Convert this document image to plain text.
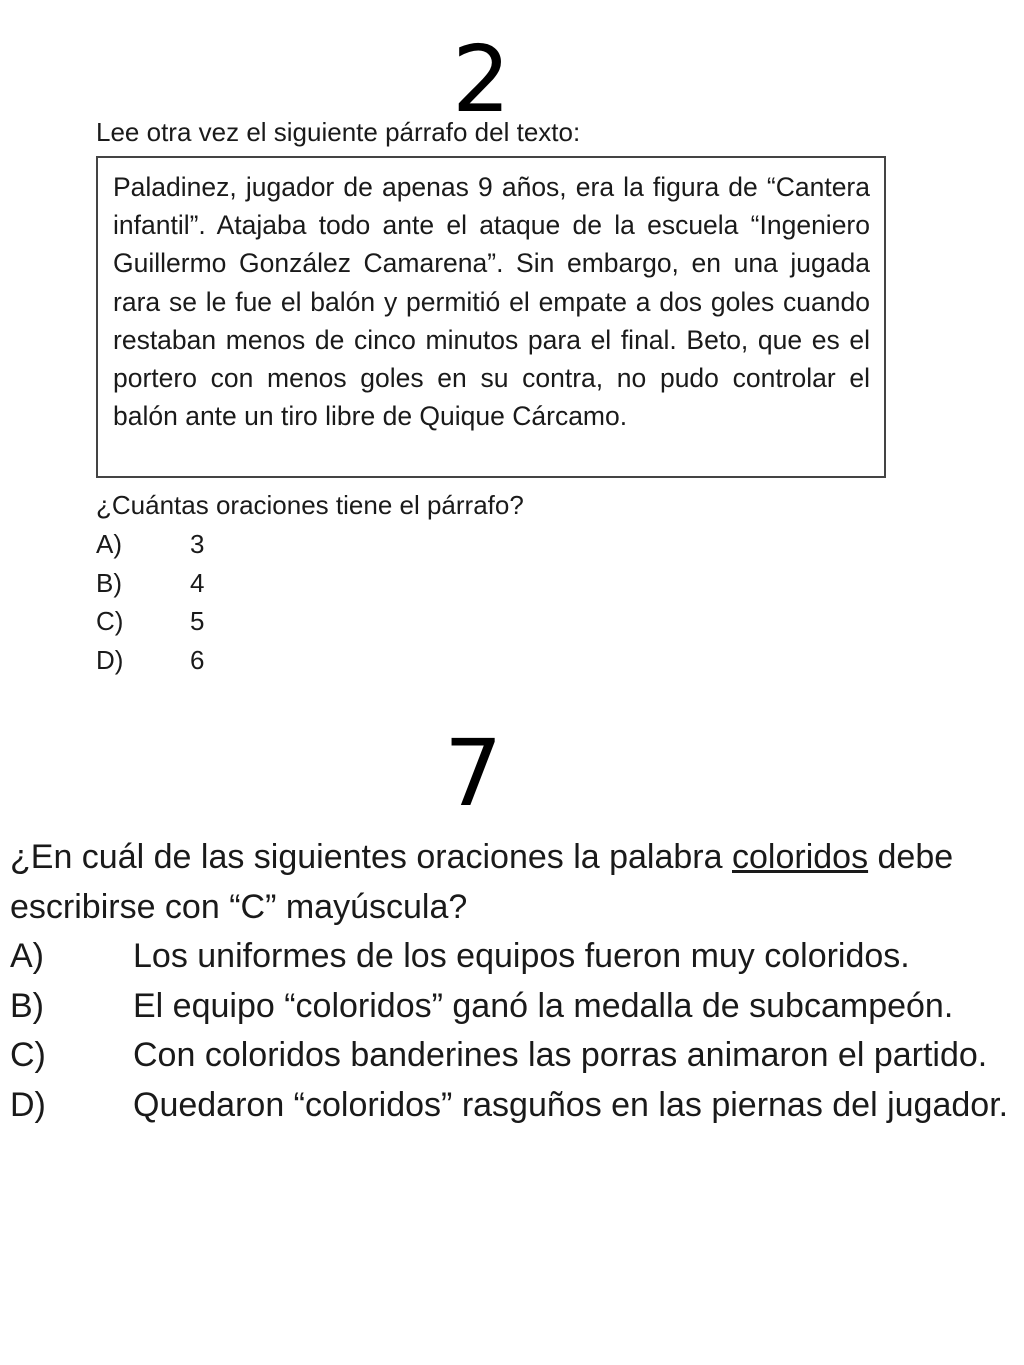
2

Lee otra vez el siguiente párrafo del texto:

Paladinez, jugador de apenas 9 años, era la figura de “Cantera infantil”. Atajaba todo ante el ataque de la escuela “Ingeniero Guillermo González Camarena”. Sin embargo, en una jugada rara se le fue el balón y permitió el empate a dos goles cuando restaban menos de cinco minutos para el final. Beto, que es el portero con menos goles en su contra, no pudo controlar el balón ante un tiro libre de Quique Cárcamo.

¿Cuántas oraciones tiene el párrafo?

A)	3
B)	4
C)	5
D)	6
7

¿En cuál de las siguientes oraciones la palabra coloridos debe escribirse con “C” mayúscula?

A)	Los uniformes de los equipos fueron muy coloridos.
B)	El equipo “coloridos” ganó la medalla de subcampeón.
C)	Con coloridos banderines las porras animaron el partido.
D)	Quedaron “coloridos” rasguños en las piernas del jugador.
